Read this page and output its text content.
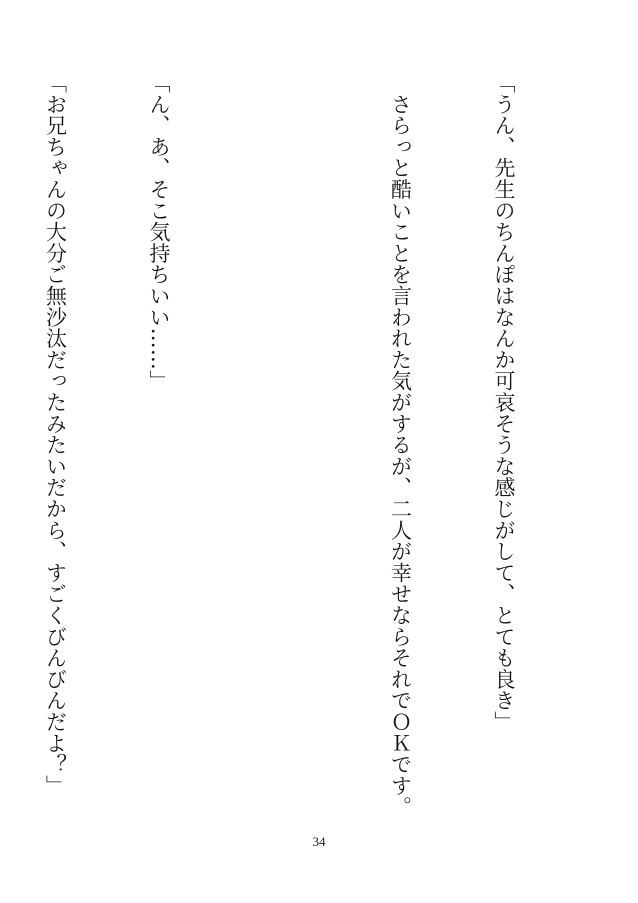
「うん、先生のちんぽはなんか可哀そうな感じがして、とても良き」

　さらっと酷いことを言われた気がするが、二人が幸せならそれでＯＫです。

「ん、あ、そこ気持ちいい……」

「お兄ちゃんの大分ご無沙汰だったみたいだから、すごくびんびんだよ？」

34
